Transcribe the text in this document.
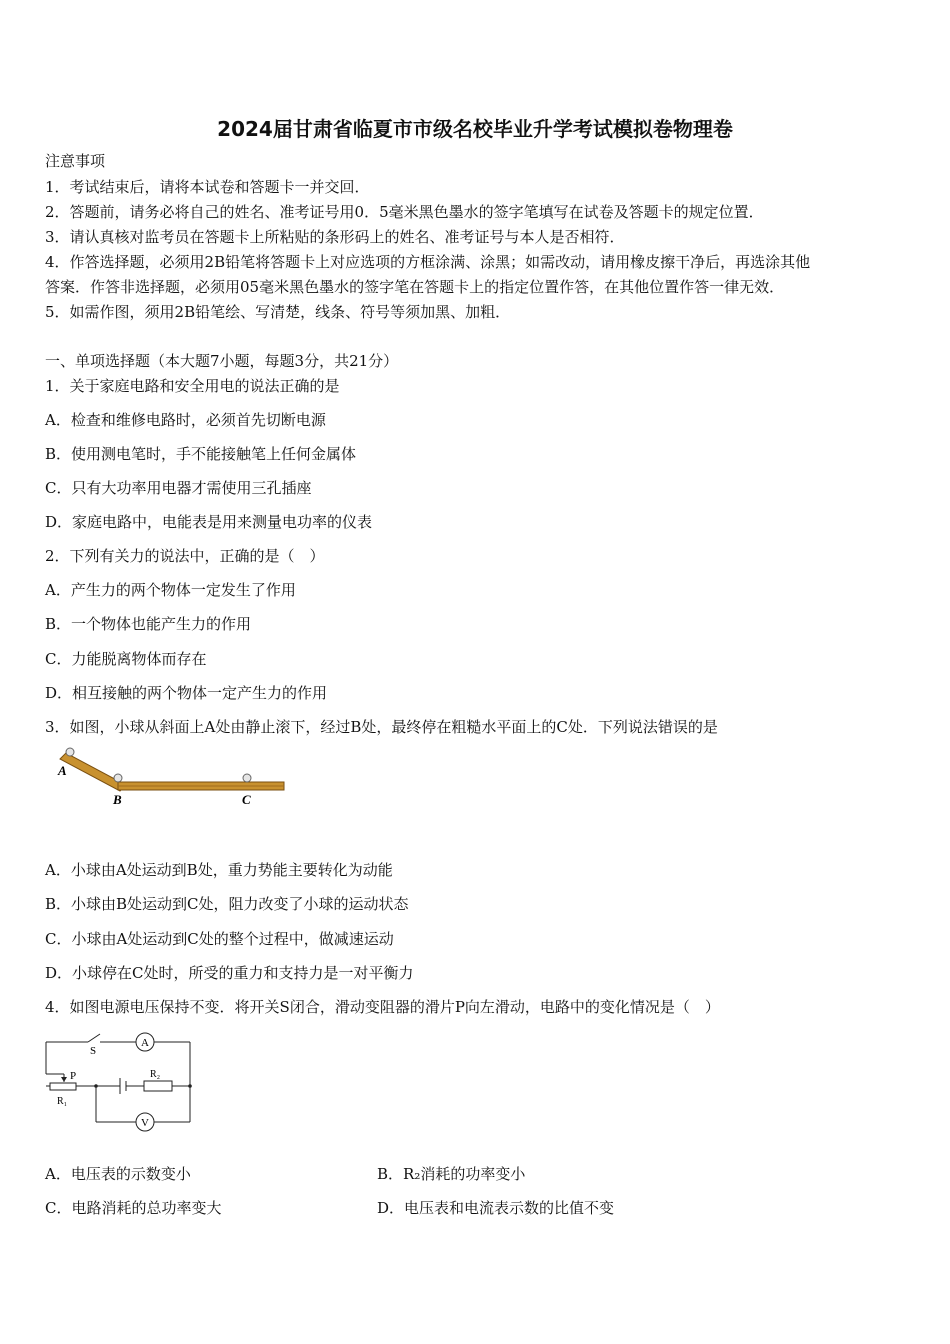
2024届甘肃省临夏市市级名校毕业升学考试模拟卷物理卷
注意事项
1．考试结束后，请将本试卷和答题卡一并交回．
2．答题前，请务必将自己的姓名、准考证号用0．5毫米黑色墨水的签字笔填写在试卷及答题卡的规定位置．
3．请认真核对监考员在答题卡上所粘贴的条形码上的姓名、准考证号与本人是否相符．
4．作答选择题，必须用2B铅笔将答题卡上对应选项的方框涂满、涂黑；如需改动，请用橡皮擦干净后，再选涂其他
答案．作答非选择题，必须用05毫米黑色墨水的签字笔在答题卡上的指定位置作答，在其他位置作答一律无效．
5．如需作图，须用2B铅笔绘、写清楚，线条、符号等须加黑、加粗．
一、单项选择题（本大题7小题，每题3分，共21分）
1．关于家庭电路和安全用电的说法正确的是
A．检查和维修电路时，必须首先切断电源
B．使用测电笔时，手不能接触笔上任何金属体
C．只有大功率用电器才需使用三孔插座
D．家庭电路中，电能表是用来测量电功率的仪表
2．下列有关力的说法中，正确的是（　）
A．产生力的两个物体一定发生了作用
B．一个物体也能产生力的作用
C．力能脱离物体而存在
D．相互接触的两个物体一定产生力的作用
3．如图，小球从斜面上A处由静止滚下，经过B处，最终停在粗糙水平面上的C处．下列说法错误的是
A
B	C
A．小球由A处运动到B处，重力势能主要转化为动能
B．小球由B处运动到C处，阻力改变了小球的运动状态
C．小球由A处运动到C处的整个过程中，做减速运动
D．小球停在C处时，所受的重力和支持力是一对平衡力
4．如图电源电压保持不变．将开关S闭合，滑动变阻器的滑片P向左滑动，电路中的变化情况是（　）
A
V
S
P
R₁
R₂
A．电压表的示数变小	B．R₂消耗的功率变小
C．电路消耗的总功率变大	D．电压表和电流表示数的比值不变
